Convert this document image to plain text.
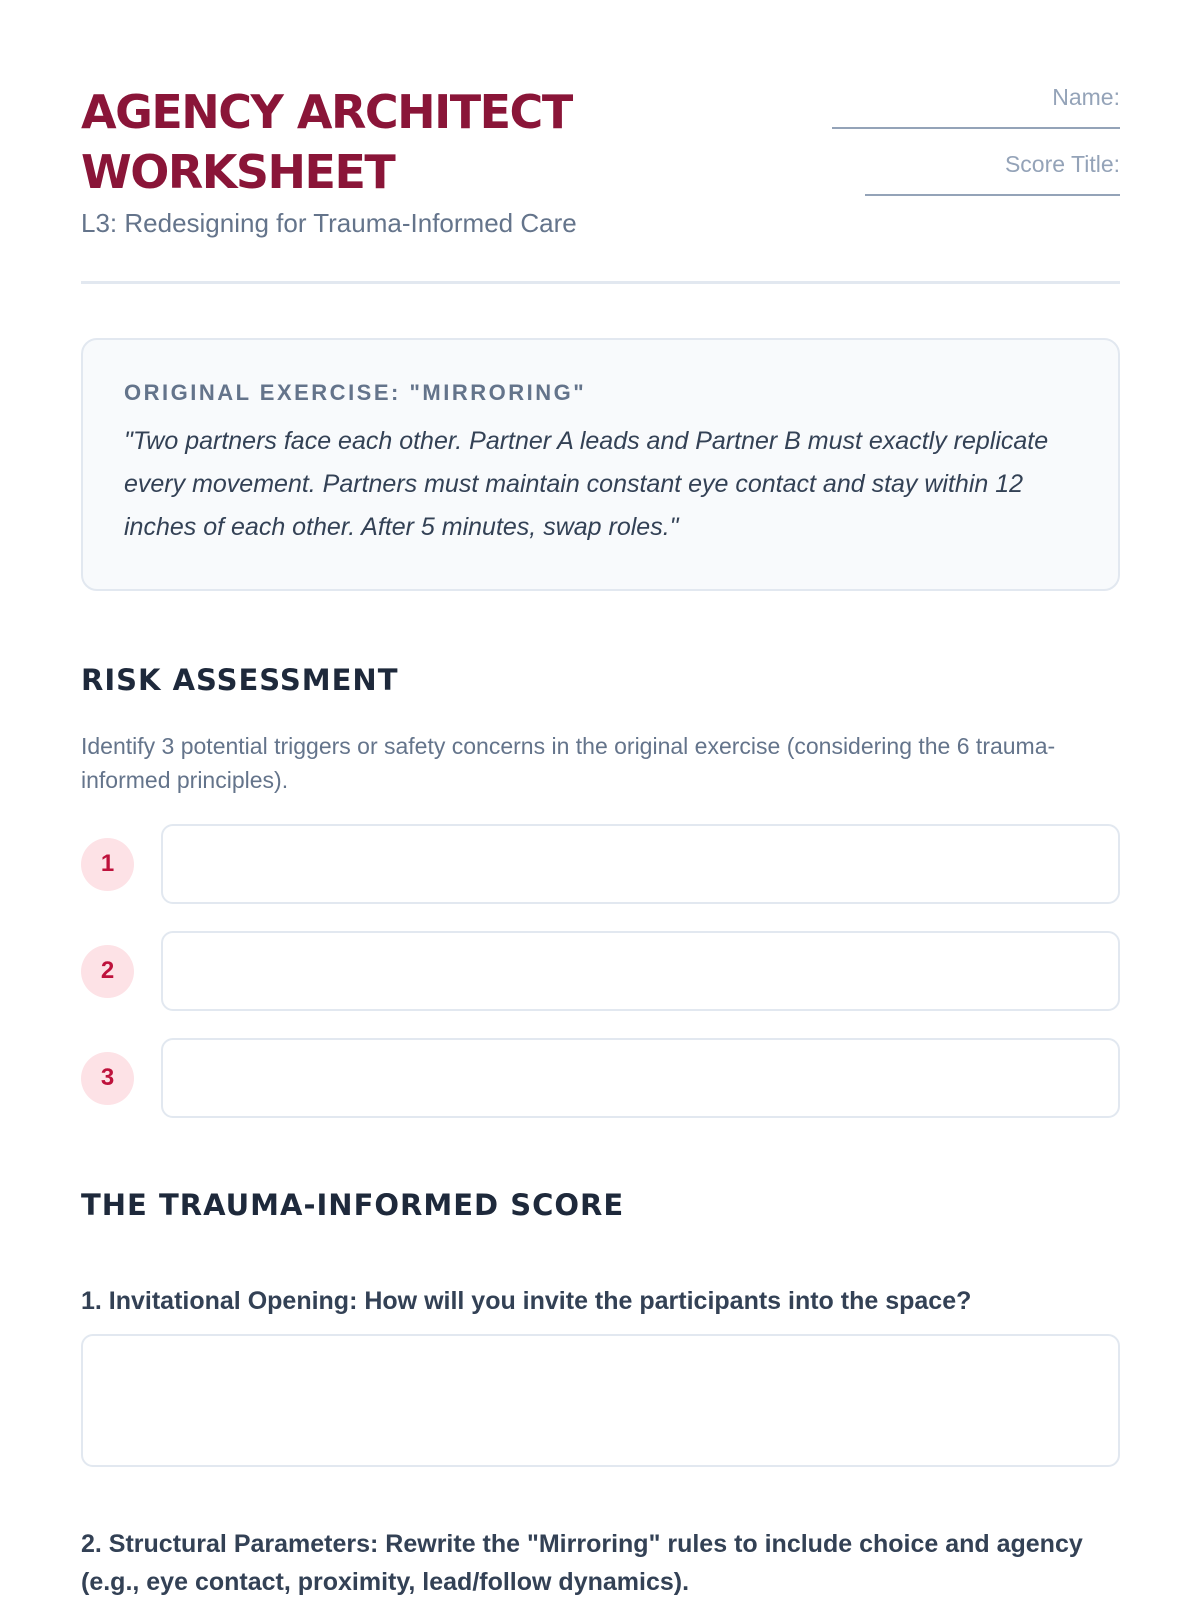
AGENCY ARCHITECT WORKSHEET
L3: Redesigning for Trauma-Informed Care
Name:
Score Title:
ORIGINAL EXERCISE: "MIRRORING"

"Two partners face each other. Partner A leads and Partner B must exactly replicate every movement. Partners must maintain constant eye contact and stay within 12 inches of each other. After 5 minutes, swap roles."

RISK ASSESSMENT
Identify 3 potential triggers or safety concerns in the original exercise (considering the 6 trauma-informed principles).
1
2
3
THE TRAUMA-INFORMED SCORE
1. Invitational Opening: How will you invite the participants into the space?
2. Structural Parameters: Rewrite the "Mirroring" rules to include choice and agency (e.g., eye contact, proximity, lead/follow dynamics).
